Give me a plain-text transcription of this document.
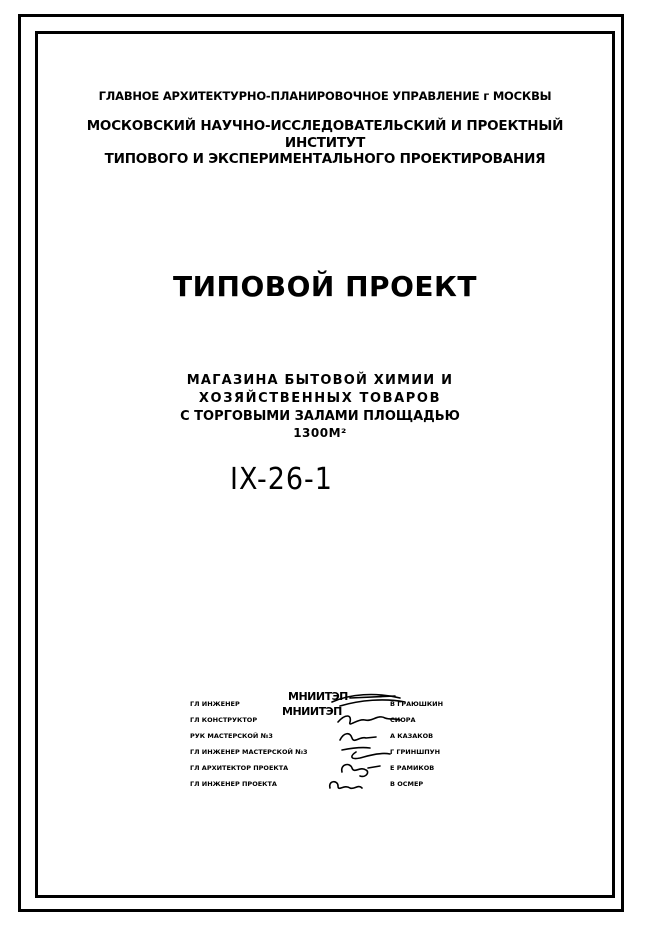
ГЛАВНОЕ АРХИТЕКТУРНО-ПЛАНИРОВОЧНОЕ УПРАВЛЕНИЕ г МОСКВЫ
МОСКОВСКИЙ НАУЧНО-ИССЛЕДОВАТЕЛЬСКИЙ И ПРОЕКТНЫЙ
ИНСТИТУТ
ТИПОВОГО И ЭКСПЕРИМЕНТАЛЬНОГО ПРОЕКТИРОВАНИЯ
ТИПОВОЙ ПРОЕКТ
МАГАЗИНА БЫТОВОЙ ХИМИИ И
ХОЗЯЙСТВЕННЫХ ТОВАРОВ
С ТОРГОВЫМИ ЗАЛАМИ ПЛОЩАДЬЮ
1300М²
IX-26-1
МНИИТЭП
МНИИТЭП
ГЛ ИНЖЕНЕР	В ГРАЮШКИН
ГЛ КОНСТРУКТОР	СИОРА
РУК МАСТЕРСКОЙ №3	А КАЗАКОВ
ГЛ ИНЖЕНЕР МАСТЕРСКОЙ №3	Г ГРИНШПУН
ГЛ АРХИТЕКТОР ПРОЕКТА	Е РАМИКОВ
ГЛ ИНЖЕНЕР ПРОЕКТА	В ОСМЕР
